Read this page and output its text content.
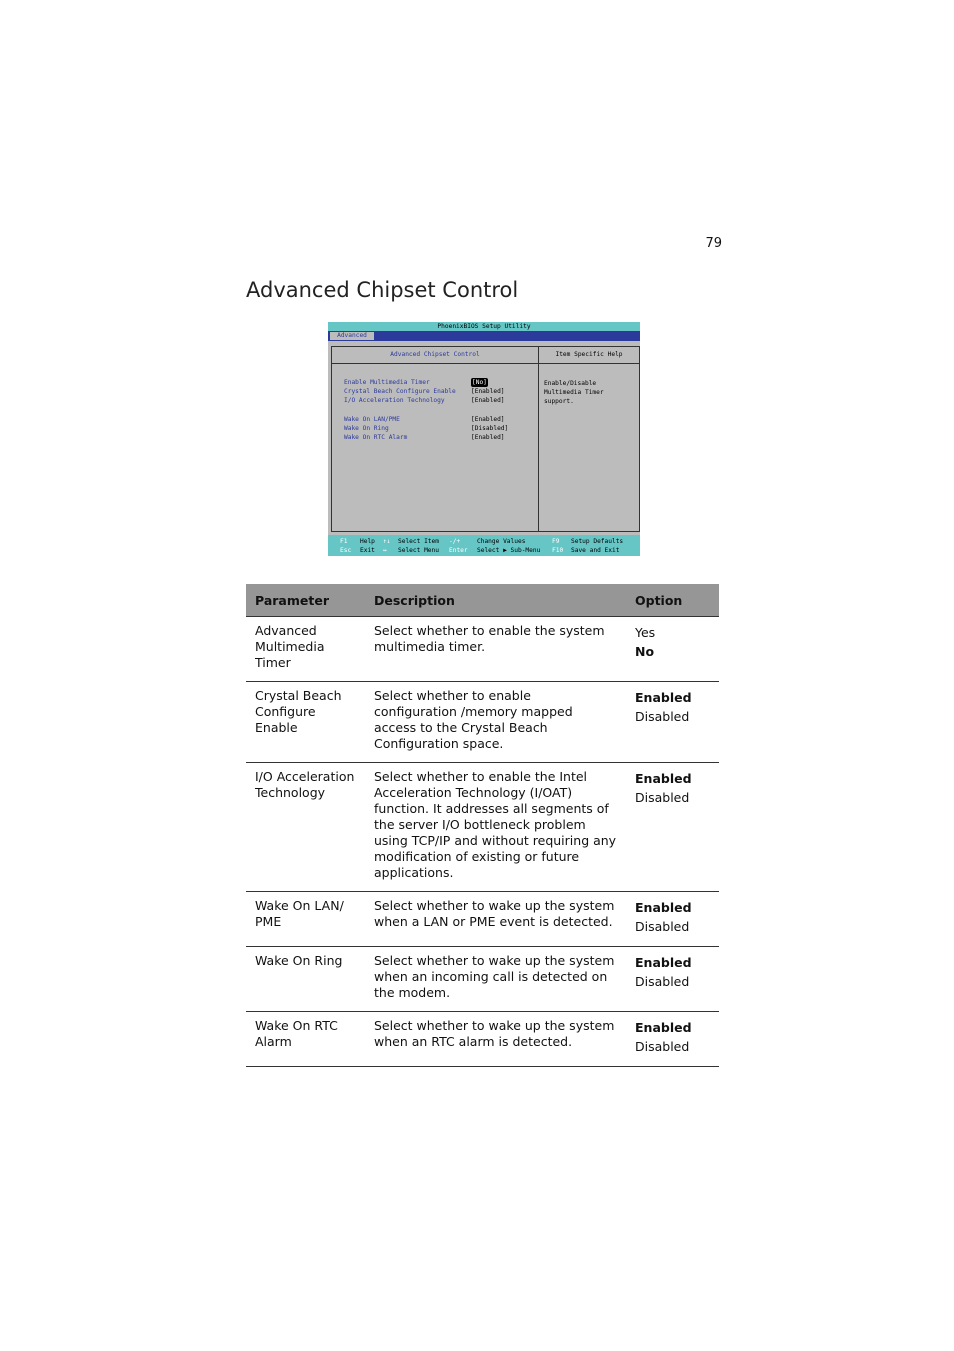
79
Advanced Chipset Control
PhoenixBIOS Setup Utility
Advanced
Advanced Chipset Control
Enable Multimedia Timer	[No]
Crystal Beach Configure Enable [Enabled]
I/O Acceleration Technology	[Enabled]
Wake On LAN/PME	[Enabled]
Wake On Ring	[Disabled]
Wake On RTC Alarm	[Enabled]
Item Specific Help
Enable/Disable
Multimedia Timer
support.
F1 Help ↑↓ Select Item -/+	Change Values	F9 Setup Defaults
Esc Exit ↔ Select Menu Enter Select ▶ Sub-Menu F10 Save and Exit
Parameter	Description	Option
Advanced Multimedia Timer	Select whether to enable the system multimedia timer.	Yes
No

Crystal Beach Configure Enable	Select whether to enable configuration /memory mapped access to the Crystal Beach Configuration space.	Enabled
Disabled

I/O Acceleration Technology	Select whether to enable the Intel Acceleration Technology (I/OAT) function. It addresses all segments of the server I/O bottleneck problem using TCP/IP and without requiring any modification of existing or future applications.	Enabled
Disabled

Wake On LAN/ PME	Select whether to wake up the system when a LAN or PME event is detected.	Enabled
Disabled

Wake On Ring	Select whether to wake up the system when an incoming call is detected on the modem.	Enabled
Disabled

Wake On RTC Alarm	Select whether to wake up the system when an RTC alarm is detected.	Enabled
Disabled
